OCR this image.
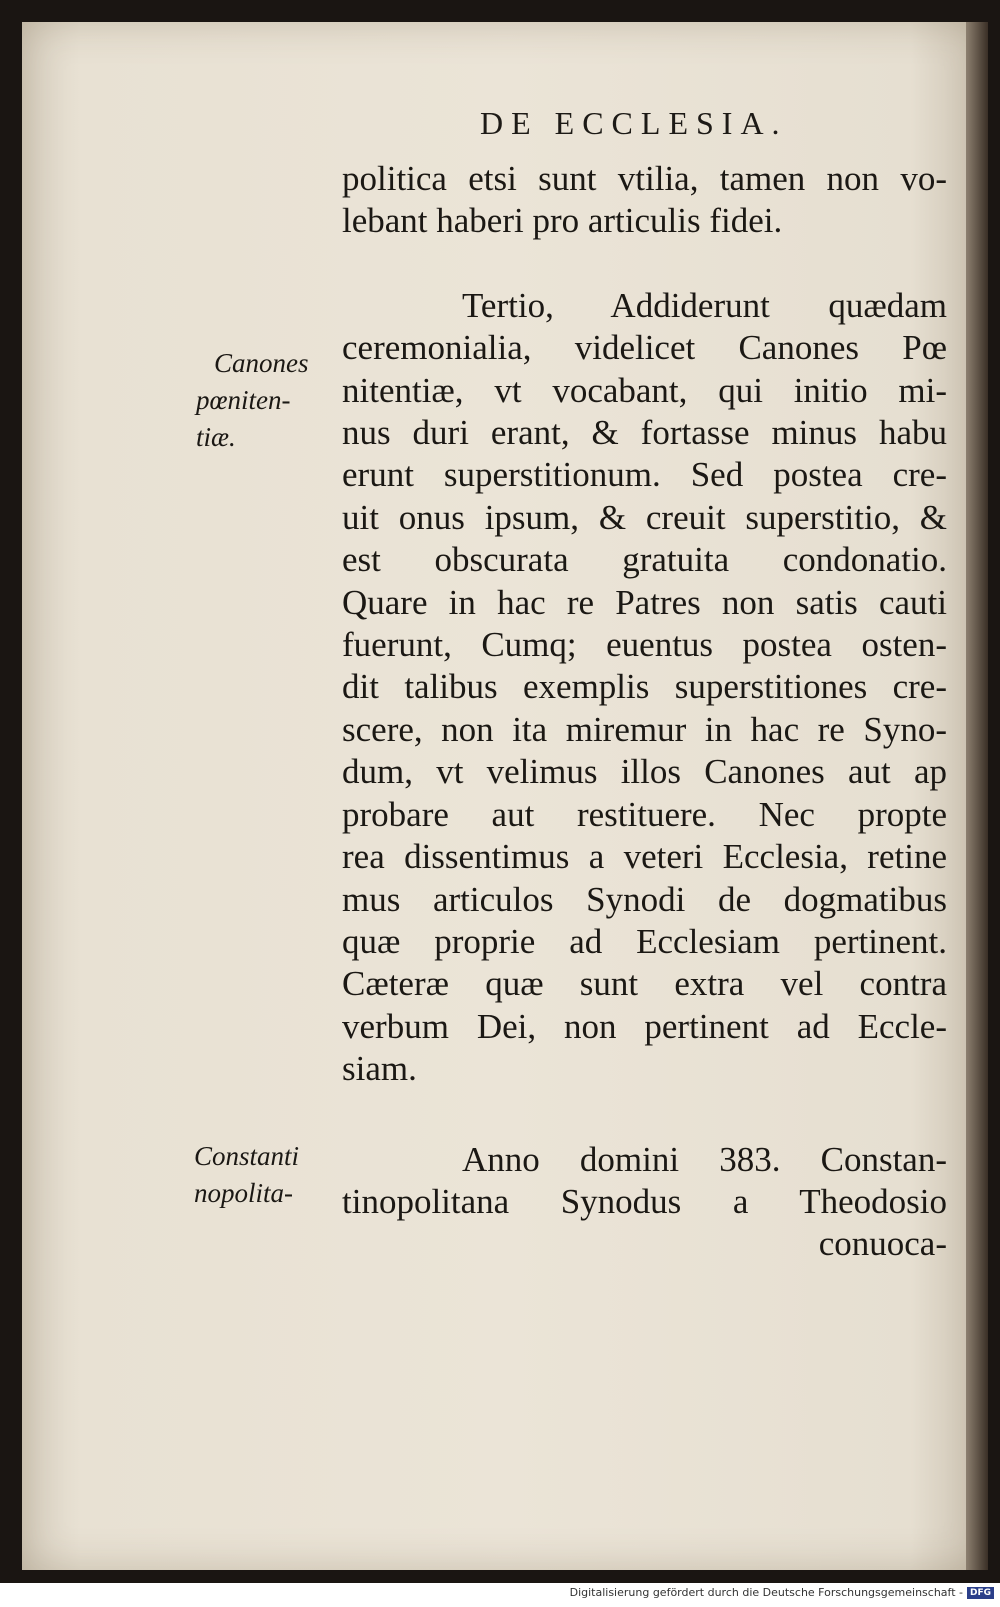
DE ECCLESIA.
Canones
pœniten-
tiæ.
Constanti
nopolita-
politica etsi sunt vtilia, tamen non vo-
lebant haberi pro articulis fidei.
Tertio, Addiderunt quædam
ceremonialia, videlicet Canones Pœ
nitentiæ, vt vocabant, qui initio mi-
nus duri erant, & fortasse minus habu
erunt superstitionum. Sed postea cre-
uit onus ipsum, & creuit superstitio, &
est obscurata gratuita condonatio.
Quare in hac re Patres non satis cauti
fuerunt, Cumq; euentus postea osten-
dit talibus exemplis superstitiones cre-
scere, non ita miremur in hac re Syno-
dum, vt velimus illos Canones aut ap
probare aut restituere. Nec propte
rea dissentimus a veteri Ecclesia, retine
mus articulos Synodi de dogmatibus
quæ proprie ad Ecclesiam pertinent.
Cæteræ quæ sunt extra vel contra
verbum Dei, non pertinent ad Eccle-
siam.
Anno domini 383. Constan-
tinopolitana Synodus a Theodosio
conuoca-
Digitalisierung gefördert durch die Deutsche Forschungsgemeinschaft - DFG
